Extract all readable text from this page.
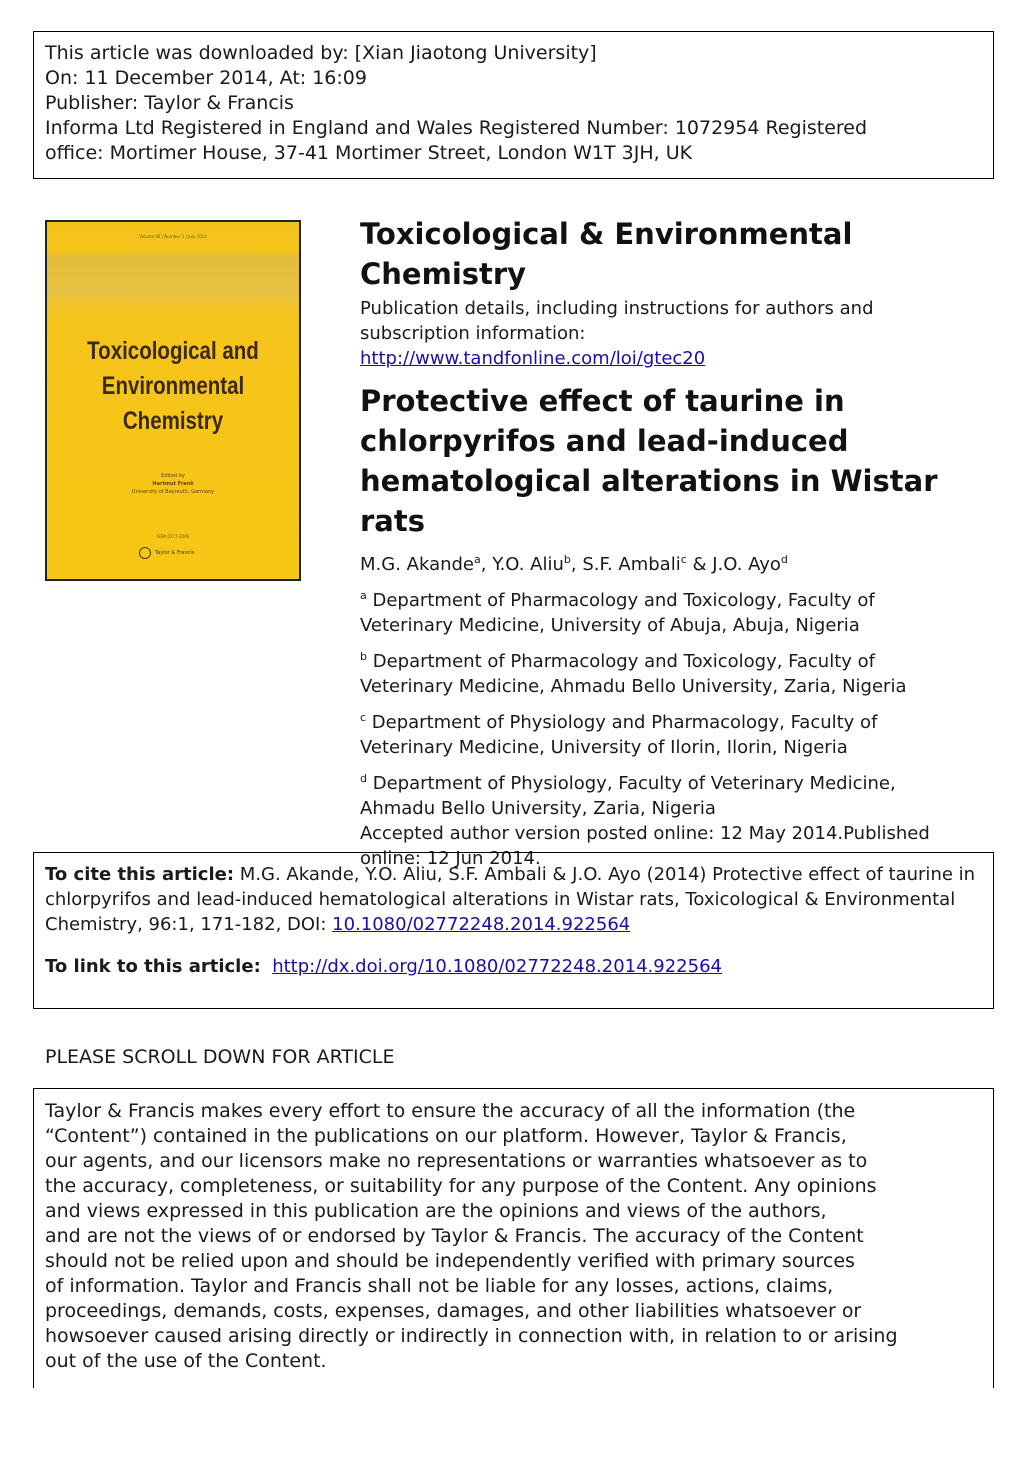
This article was downloaded by: [Xian Jiaotong University]
On: 11 December 2014, At: 16:09
Publisher: Taylor & Francis
Informa Ltd Registered in England and Wales Registered Number: 1072954 Registered
office: Mortimer House, 37-41 Mortimer Street, London W1T 3JH, UK
Volume 96 | Number 1 | July 2014
Toxicological and
Environmental
Chemistry
Edited by
Hartmut Frank
University of Bayreuth, Germany
ISSN 0277-2248
Taylor & Francis
Toxicological & Environmental Chemistry
Publication details, including instructions for authors and
subscription information:
http://www.tandfonline.com/loi/gtec20
Protective effect of taurine in
chlorpyrifos and lead-induced
hematological alterations in Wistar rats
M.G. Akande$^a$, Y.O. Aliu$^b$, S.F. Ambali$^c$ & J.O. Ayo$^d$
$^a$ Department of Pharmacology and Toxicology, Faculty of
Veterinary Medicine, University of Abuja, Abuja, Nigeria
$^b$ Department of Pharmacology and Toxicology, Faculty of
Veterinary Medicine, Ahmadu Bello University, Zaria, Nigeria
$^c$ Department of Physiology and Pharmacology, Faculty of
Veterinary Medicine, University of Ilorin, Ilorin, Nigeria
$^d$ Department of Physiology, Faculty of Veterinary Medicine,
Ahmadu Bello University, Zaria, Nigeria
Accepted author version posted online: 12 May 2014.Published
online: 12 Jun 2014.

To cite this article: M.G. Akande, Y.O. Aliu, S.F. Ambali & J.O. Ayo (2014) Protective effect of taurine in chlorpyrifos and lead-induced hematological alterations in Wistar rats, Toxicological & Environmental Chemistry, 96:1, 171-182, DOI: 10.1080/02772248.2014.922564

To link to this article: http://dx.doi.org/10.1080/02772248.2014.922564

PLEASE SCROLL DOWN FOR ARTICLE
Taylor & Francis makes every effort to ensure the accuracy of all the information (the
“Content”) contained in the publications on our platform. However, Taylor & Francis,
our agents, and our licensors make no representations or warranties whatsoever as to
the accuracy, completeness, or suitability for any purpose of the Content. Any opinions
and views expressed in this publication are the opinions and views of the authors,
and are not the views of or endorsed by Taylor & Francis. The accuracy of the Content
should not be relied upon and should be independently verified with primary sources
of information. Taylor and Francis shall not be liable for any losses, actions, claims,
proceedings, demands, costs, expenses, damages, and other liabilities whatsoever or
howsoever caused arising directly or indirectly in connection with, in relation to or arising
out of the use of the Content.
